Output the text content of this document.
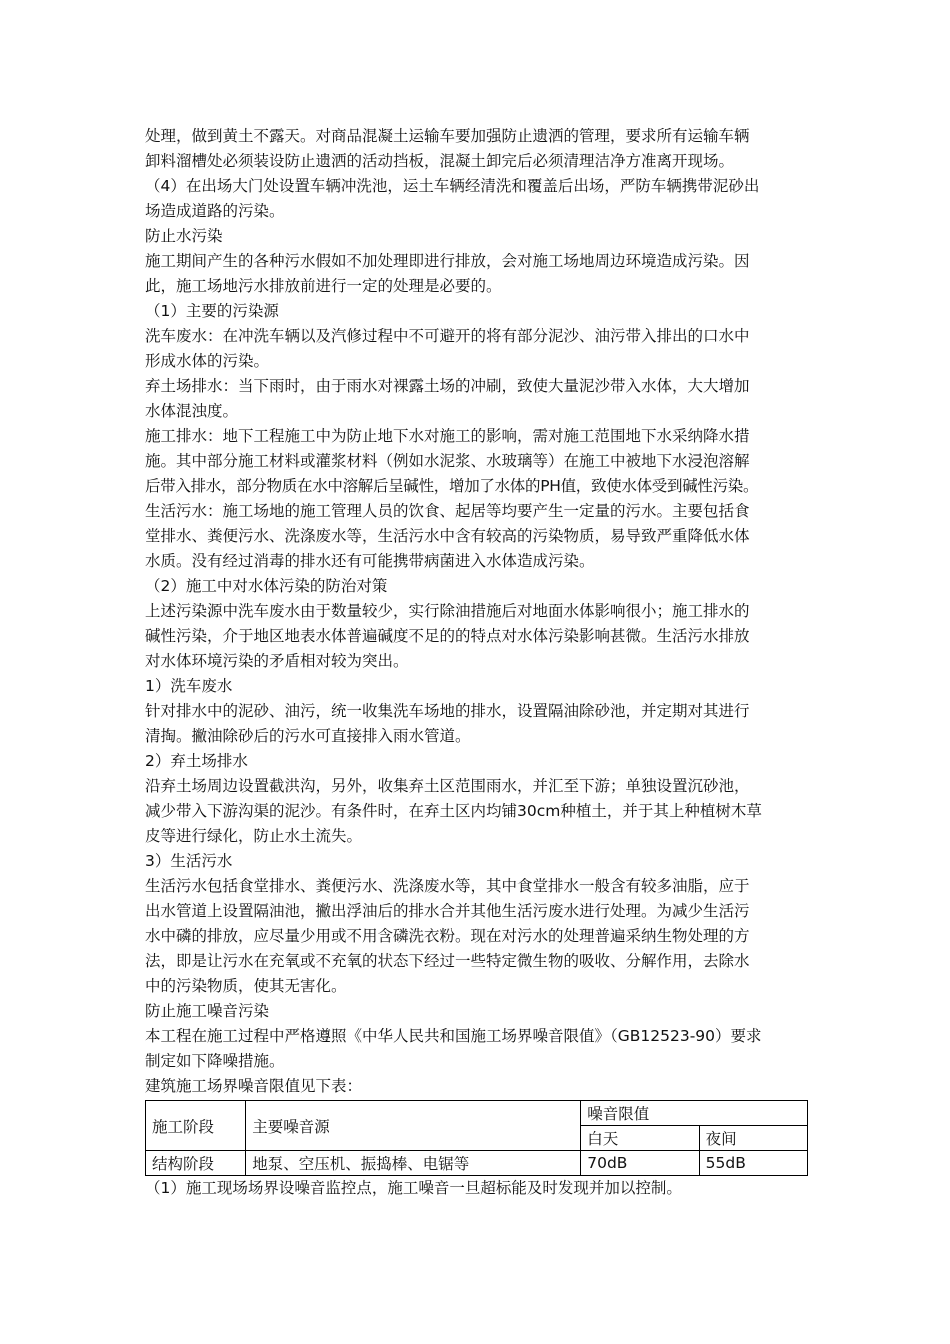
处理，做到黄土不露天。对商品混凝土运输车要加强防止遗洒的管理，要求所有运输车辆
卸料溜槽处必须装设防止遗洒的活动挡板，混凝土卸完后必须清理洁净方准离开现场。
（4）在出场大门处设置车辆冲洗池，运土车辆经清洗和覆盖后出场，严防车辆携带泥砂出
场造成道路的污染。
防止水污染
施工期间产生的各种污水假如不加处理即进行排放，会对施工场地周边环境造成污染。因
此，施工场地污水排放前进行一定的处理是必要的。
（1）主要的污染源
洗车废水：在冲洗车辆以及汽修过程中不可避开的将有部分泥沙、油污带入排出的口水中
形成水体的污染。
弃土场排水：当下雨时，由于雨水对裸露土场的冲刷，致使大量泥沙带入水体，大大增加
水体混浊度。
施工排水：地下工程施工中为防止地下水对施工的影响，需对施工范围地下水采纳降水措
施。其中部分施工材料或灌浆材料（例如水泥浆、水玻璃等）在施工中被地下水浸泡溶解
后带入排水，部分物质在水中溶解后呈碱性，增加了水体的PH值，致使水体受到碱性污染。
生活污水：施工场地的施工管理人员的饮食、起居等均要产生一定量的污水。主要包括食
堂排水、粪便污水、洗涤废水等，生活污水中含有较高的污染物质，易导致严重降低水体
水质。没有经过消毒的排水还有可能携带病菌进入水体造成污染。
（2）施工中对水体污染的防治对策
上述污染源中洗车废水由于数量较少，实行除油措施后对地面水体影响很小；施工排水的
碱性污染，介于地区地表水体普遍碱度不足的的特点对水体污染影响甚微。生活污水排放
对水体环境污染的矛盾相对较为突出。
1）洗车废水
针对排水中的泥砂、油污，统一收集洗车场地的排水，设置隔油除砂池，并定期对其进行
清掏。撇油除砂后的污水可直接排入雨水管道。
2）弃土场排水
沿弃土场周边设置截洪沟，另外，收集弃土区范围雨水，并汇至下游；单独设置沉砂池，
减少带入下游沟渠的泥沙。有条件时，在弃土区内均铺30cm种植土，并于其上种植树木草
皮等进行绿化，防止水土流失。
3）生活污水
生活污水包括食堂排水、粪便污水、洗涤废水等，其中食堂排水一般含有较多油脂，应于
出水管道上设置隔油池，撇出浮油后的排水合并其他生活污废水进行处理。为减少生活污
水中磷的排放，应尽量少用或不用含磷洗衣粉。现在对污水的处理普遍采纳生物处理的方
法，即是让污水在充氧或不充氧的状态下经过一些特定微生物的吸收、分解作用，去除水
中的污染物质，使其无害化。
防止施工噪音污染
本工程在施工过程中严格遵照《中华人民共和国施工场界噪音限值》（GB12523-90）要求
制定如下降噪措施。
建筑施工场界噪音限值见下表：
施工阶段	主要噪音源	噪音限值	
		白天	夜间
结构阶段	地泵、空压机、振捣棒、电锯等	70dB	55dB
（1）施工现场场界设噪音监控点，施工噪音一旦超标能及时发现并加以控制。
